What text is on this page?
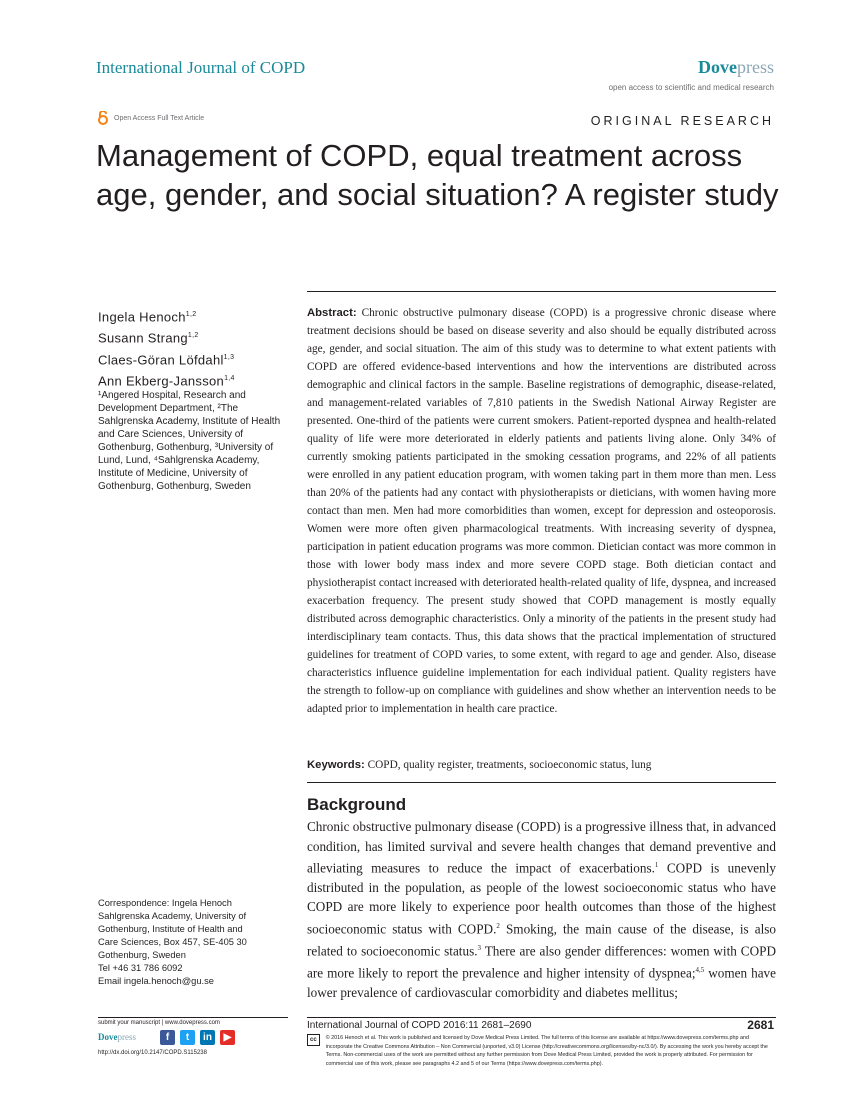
International Journal of COPD	Dovepress
open access to scientific and medical research
Open Access Full Text Article	ORIGINAL RESEARCH
Management of COPD, equal treatment across age, gender, and social situation? A register study
Ingela Henoch$^{1,2}$
Susann Strang$^{1,2}$
Claes-Göran Löfdahl$^{1,3}$
Ann Ekberg-Jansson$^{1,4}$
¹Angered Hospital, Research and Development Department, ²The Sahlgrenska Academy, Institute of Health and Care Sciences, University of Gothenburg, Gothenburg, ³University of Lund, Lund, ⁴Sahlgrenska Academy, Institute of Medicine, University of Gothenburg, Gothenburg, Sweden
Abstract: Chronic obstructive pulmonary disease (COPD) is a progressive chronic disease where treatment decisions should be based on disease severity and also should be equally distributed across age, gender, and social situation. The aim of this study was to determine to what extent patients with COPD are offered evidence-based interventions and how the interventions are distributed across demographic and clinical factors in the sample. Baseline registrations of demographic, disease-related, and management-related variables of 7,810 patients in the Swedish National Airway Register are presented. One-third of the patients were current smokers. Patient-reported dyspnea and health-related quality of life were more deteriorated in elderly patients and patients living alone. Only 34% of currently smoking patients participated in the smoking cessation programs, and 22% of all patients were enrolled in any patient education program, with women taking part in them more than men. Less than 20% of the patients had any contact with physiotherapists or dieticians, with women having more contact than men. Men had more comorbidities than women, except for depression and osteoporosis. Women were more often given pharmacological treatments. With increasing severity of dyspnea, participation in patient education programs was more common. Dietician contact was more common in those with lower body mass index and more severe COPD stage. Both dietician contact and physiotherapist contact increased with deteriorated health-related quality of life, dyspnea, and increased exacerbation frequency. The present study showed that COPD management is mostly equally distributed across demographic characteristics. Only a minority of the patients in the present study had interdisciplinary team contacts. Thus, this data shows that the practical implementation of structured guidelines for treatment of COPD varies, to some extent, with regard to age and gender. Also, disease characteristics influence guideline implementation for each individual patient. Quality registers have the strength to follow-up on compliance with guidelines and show whether an intervention needs to be adapted prior to implementation in health care practice.
Keywords: COPD, quality register, treatments, socioeconomic status, lung
Background
Chronic obstructive pulmonary disease (COPD) is a progressive illness that, in advanced condition, has limited survival and severe health changes that demand preventive and alleviating measures to reduce the impact of exacerbations.$^1$ COPD is unevenly distributed in the population, as people of the lowest socioeconomic status who have COPD are more likely to experience poor health outcomes than those of the highest socioeconomic status with COPD.$^2$ Smoking, the main cause of the disease, is also related to socioeconomic status.$^3$ There are also gender differences: women with COPD are more likely to report the prevalence and higher intensity of dyspnea;$^{4,5}$ women have lower prevalence of cardiovascular comorbidity and diabetes mellitus;
Correspondence: Ingela Henoch
Sahlgrenska Academy, University of
Gothenburg, Institute of Health and
Care Sciences, Box 457, SE-405 30
Gothenburg, Sweden
Tel +46 31 786 6092
Email ingela.henoch@gu.se
submit your manuscript | www.dovepress.com
Dovepress	f	t	in	▶
http://dx.doi.org/10.2147/COPD.S115238
International Journal of COPD 2016:11 2681–2690	2681
cc	© 2016 Henoch et al. This work is published and licensed by Dove Medical Press Limited. The full terms of this license are available at https://www.dovepress.com/terms.php and incorporate the Creative Commons Attribution – Non Commercial (unported, v3.0) License (http://creativecommons.org/licenses/by-nc/3.0/). By accessing the work you hereby accept the Terms. Non-commercial uses of the work are permitted without any further permission from Dove Medical Press Limited, provided the work is properly attributed. For permission for commercial use of this work, please see paragraphs 4.2 and 5 of our Terms (https://www.dovepress.com/terms.php).
